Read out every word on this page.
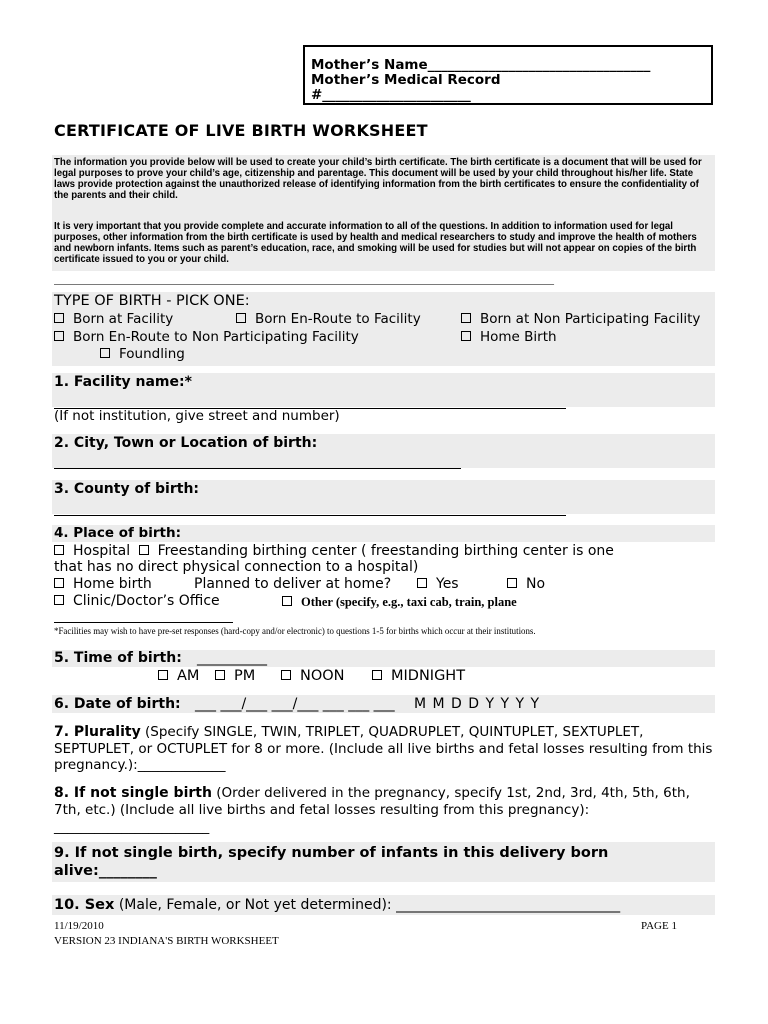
Mother’s Name_________________________________
Mother’s Medical Record
#______________________
CERTIFICATE OF LIVE BIRTH WORKSHEET
The information you provide below will be used to create your child’s birth certificate. The birth certificate is a document that will be used for legal purposes to prove your child’s age, citizenship and parentage. This document will be used by your child throughout his/her life. State laws provide protection against the unauthorized release of identifying information from the birth certificates to ensure the confidentiality of the parents and their child.
It is very important that you provide complete and accurate information to all of the questions. In addition to information used for legal purposes, other information from the birth certificate is used by health and medical researchers to study and improve the health of mothers and newborn infants. Items such as parent’s education, race, and smoking will be used for studies but will not appear on copies of the birth certificate issued to you or your child.
____________________________________________________________________________________________________
TYPE OF BIRTH - PICK ONE:
Born at Facility	Born En-Route to Facility	Born at Non Participating Facility
Born En-Route to Non Participating Facility	Home Birth
Foundling
1. Facility name:*
(If not institution, give street and number)
2. City, Town or Location of birth:
3. County of birth:
4. Place of birth:
Hospital Freestanding birthing center ( freestanding birthing center is one
that has no direct physical connection to a hospital)
Home birth	Planned to deliver at home?	Yes	No
Clinic/Doctor’s Office	Other (specify, e.g., taxi cab, train, plane
*Facilities may wish to have pre-set responses (hard-copy and/or electronic) to questions 1-5 for births which occur at their institutions.
5. Time of birth: __________
AM	PM	NOON	MIDNIGHT
6. Date of birth: ___ ___/___ ___/___ ___ ___ ___ M M D D Y Y Y Y
7. Plurality (Specify SINGLE, TWIN, TRIPLET, QUADRUPLET, QUINTUPLET, SEXTUPLET, SEPTUPLET, or OCTUPLET for 8 or more. (Include all live births and fetal losses resulting from this pregnancy.):_____________
8. If not single birth (Order delivered in the pregnancy, specify 1st, 2nd, 3rd, 4th, 5th, 6th, 7th, etc.) (Include all live births and fetal losses resulting from this pregnancy):
_______________________
9. If not single birth, specify number of infants in this delivery born alive:________
10. Sex (Male, Female, or Not yet determined): ________________________________
11/19/2010	PAGE 1
VERSION 23 INDIANA'S BIRTH WORKSHEET
